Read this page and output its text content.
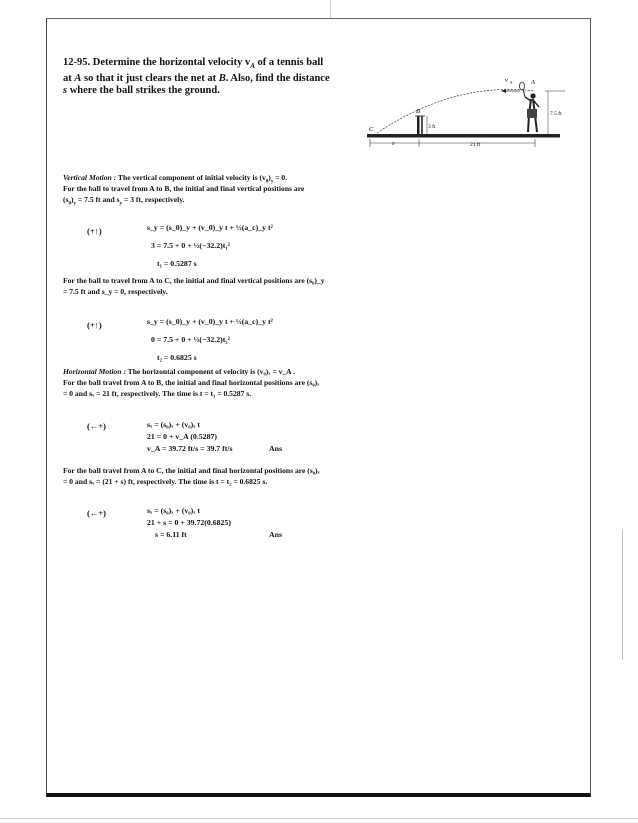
12-95. Determine the horizontal velocity $v_A$ of a tennis ball at A so that it just clears the net at B. Also, find the distance s where the ball strikes the ground.
v A	A
B
C	3 ft
7.5 ft
s	21 ft
Vertical Motion : The vertical component of initial velocity is $(v_0)_y = 0$.
For the ball to travel from A to B, the initial and final vertical positions are
$(s_0)_y = 7.5$ ft and $s_y = 3$ ft, respectively.
(+↑)	s_y = (s_0)_y + (v_0)_y t + ½(a_c)_y t²
3 = 7.5 + 0 + ½(−32.2)t₁²
t₁ = 0.5287 s
For the ball to travel from A to C, the initial and final vertical positions are (s₀)_y
= 7.5 ft and s_y = 0, respectively.
(+↑)	s_y = (s_0)_y + (v_0)_y t + ½(a_c)_y t²
0 = 7.5 + 0 + ½(−32.2)t₂²
t₂ = 0.6825 s
Horizontal Motion : The horizontal component of velocity is (v₀)ₓ = v_A .
For the ball travel from A to B, the initial and final horizontal positions are (s₀)ₓ
= 0 and sₓ = 21 ft, respectively. The time is t = t₁ = 0.5287 s.
(←+)	sₓ = (s₀)ₓ + (v₀)ₓ t
21 = 0 + v_A (0.5287)
v_A = 39.72 ft/s = 39.7 ft/s	Ans
For the ball travel from A to C, the initial and final horizontal positions are (s₀)ₓ
= 0 and sₓ = (21 + s) ft, respectively. The time is t = t₂ = 0.6825 s.
(←+)	sₓ = (s₀)ₓ + (v₀)ₓ t
21 + s = 0 + 39.72(0.6825)
s = 6.11 ft	Ans
